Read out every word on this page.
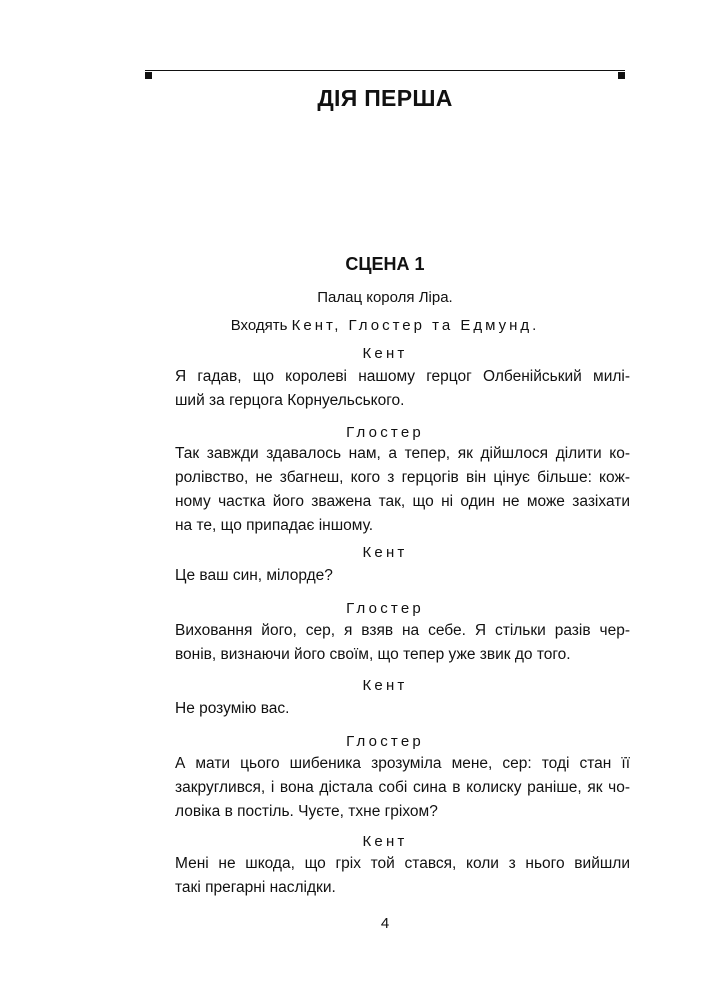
ДІЯ ПЕРША
СЦЕНА 1
Палац короля Ліра.
Входять Кент, Глостер та Едмунд.
Кент
Я гадав, що королеві нашому герцог Олбенійський милі-
ший за герцога Корнуельського.
Глостер
Так завжди здавалось нам, а тепер, як дійшлося ділити ко-
ролівство, не збагнеш, кого з герцогів він цінує більше: кож-
ному частка його зважена так, що ні один не може зазіхати
на те, що припадає іншому.
Кент
Це ваш син, мілорде?
Глостер
Виховання його, сер, я взяв на себе. Я стільки разів чер-
вонів, визнаючи його своїм, що тепер уже звик до того.
Кент
Не розумію вас.
Глостер
А мати цього шибеника зрозуміла мене, сер: тоді стан її
закруглився, і вона дістала собі сина в колиску раніше, як чо-
ловіка в постіль. Чуєте, тхне гріхом?
Кент
Мені не шкода, що гріх той стався, коли з нього вийшли
такі прегарні наслідки.
4
